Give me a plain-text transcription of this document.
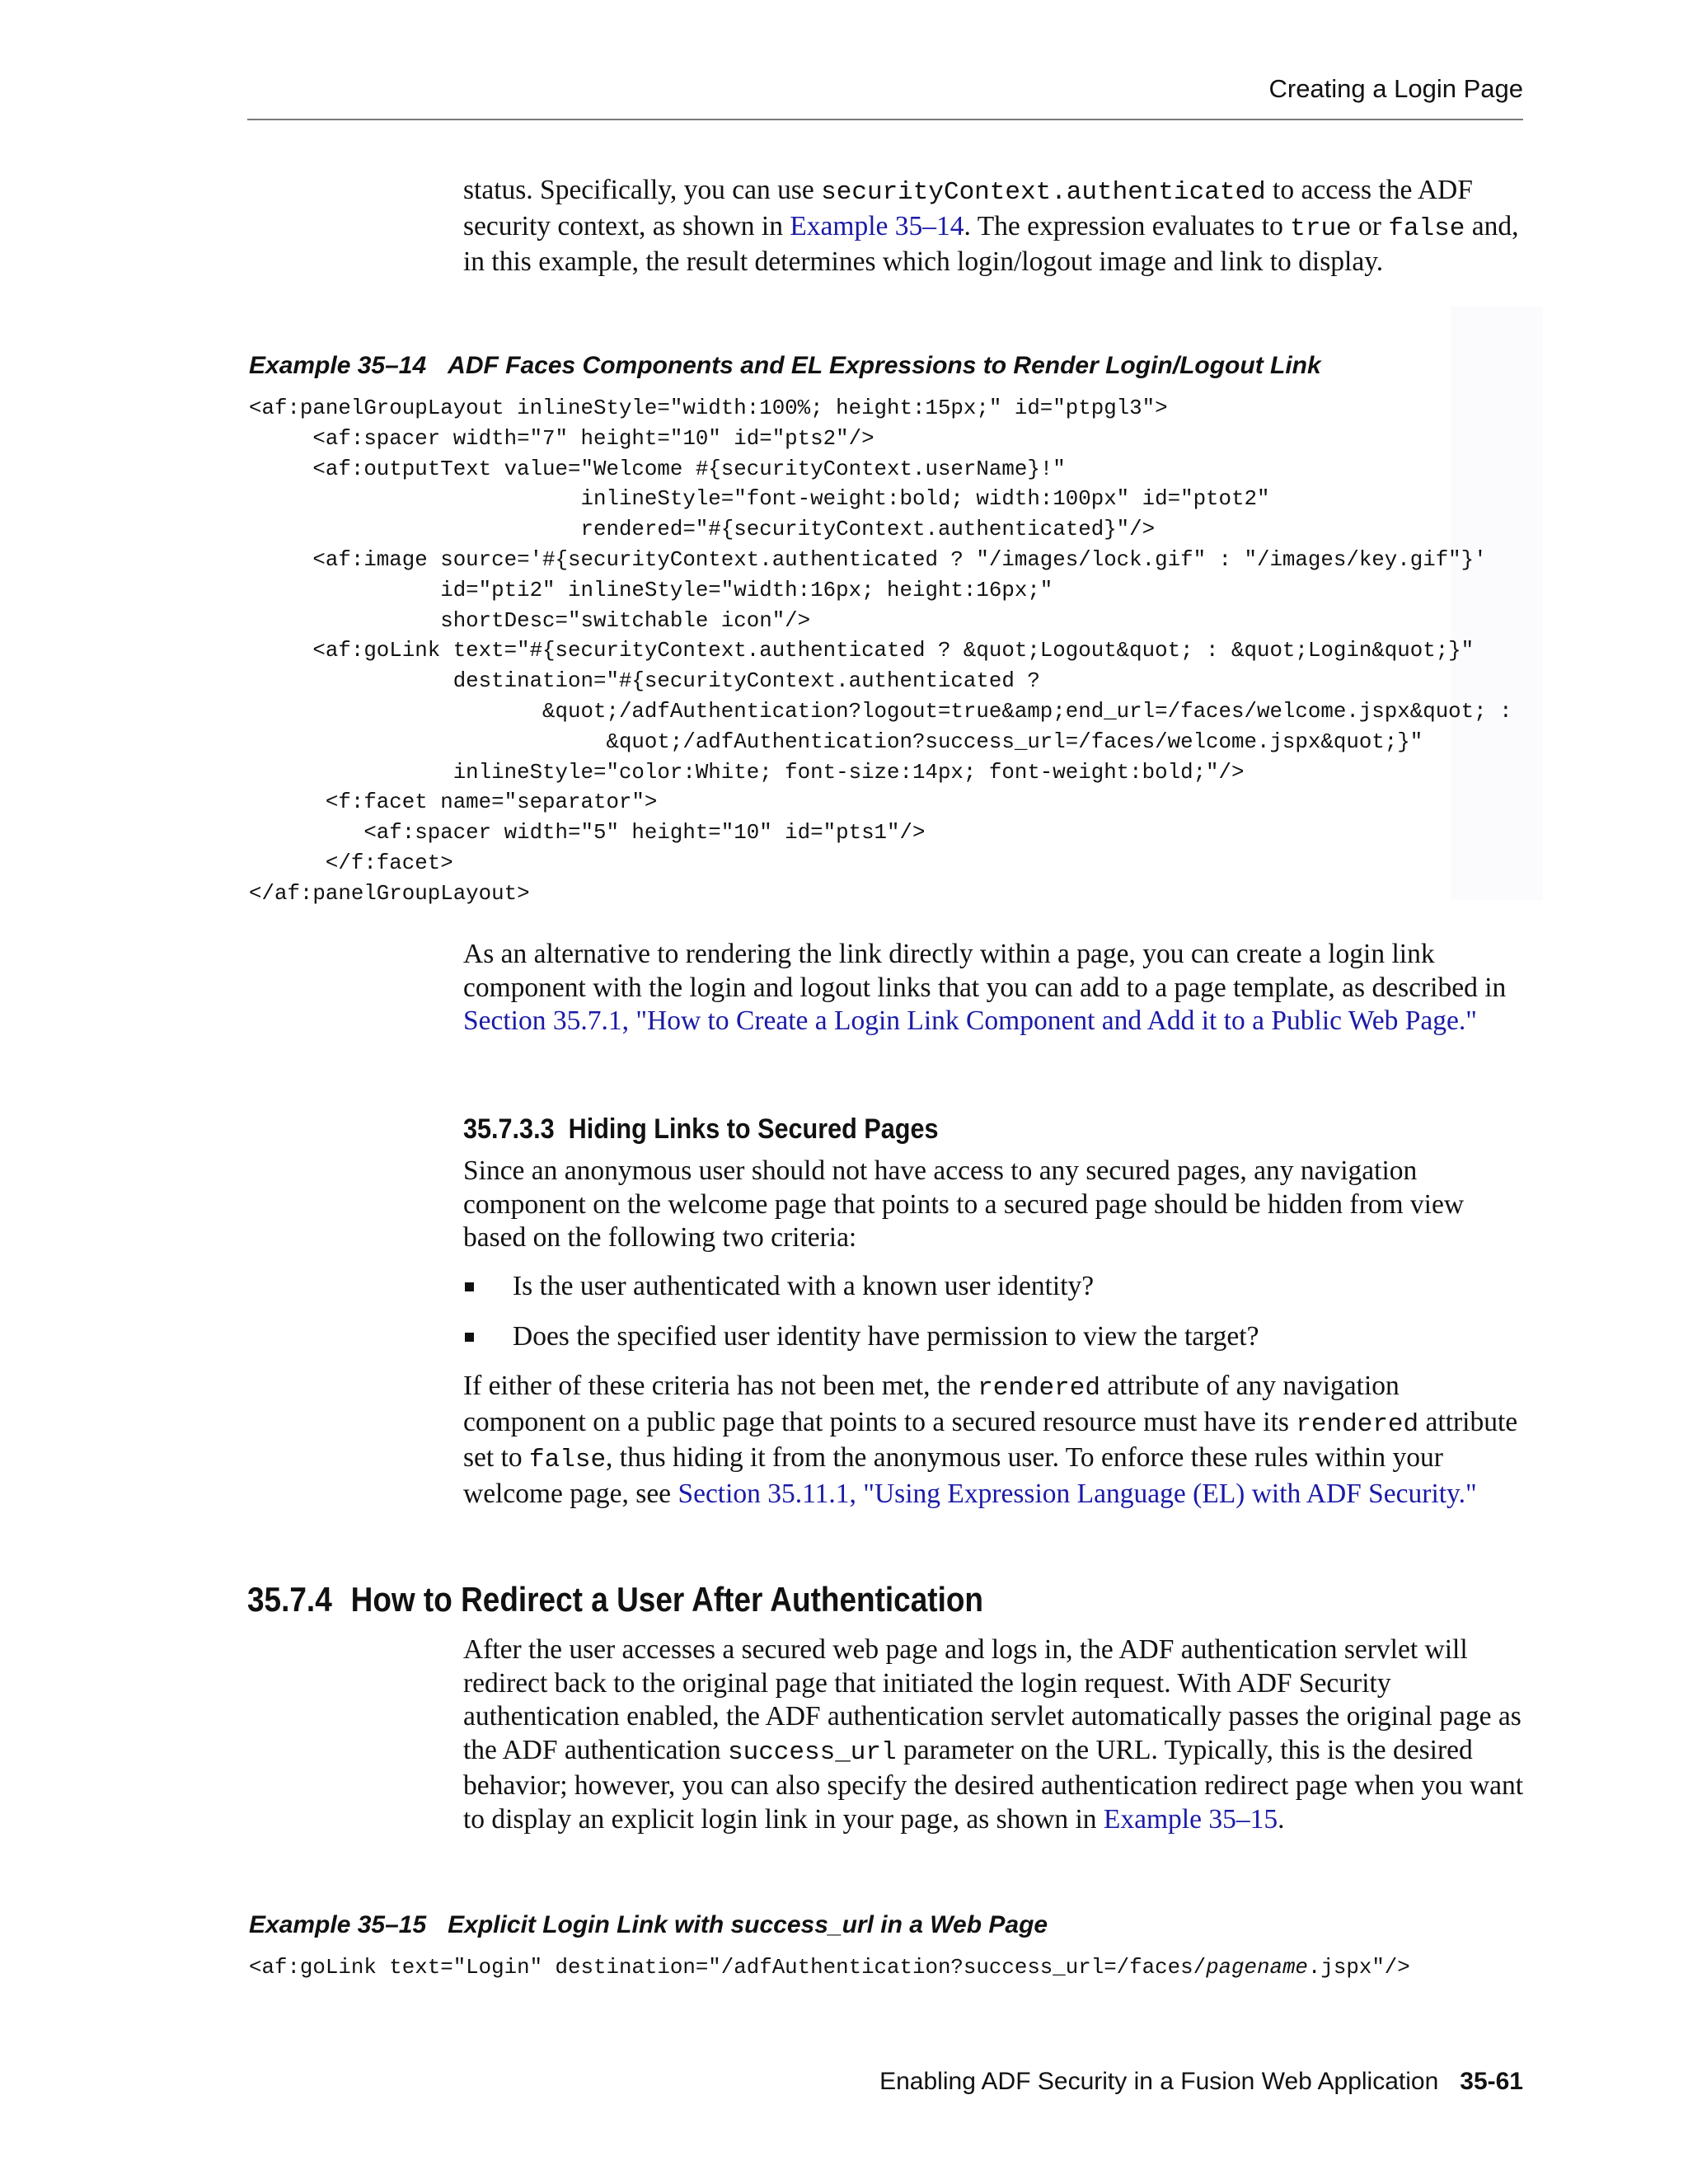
Creating a Login Page

status. Specifically, you can use securityContext.authenticated to access the ADF security context, as shown in Example 35–14. The expression evaluates to true or false and, in this example, the result determines which login/logout image and link to display.

Example 35–14 ADF Faces Components and EL Expressions to Render Login/Logout Link

<af:panelGroupLayout inlineStyle="width:100%; height:15px;" id="ptpgl3">
<af:spacer width="7" height="10" id="pts2"/>
<af:outputText value="Welcome #{securityContext.userName}!"
inlineStyle="font-weight:bold; width:100px" id="ptot2"
rendered="#{securityContext.authenticated}"/>
<af:image source='#{securityContext.authenticated ? "/images/lock.gif" : "/images/key.gif"}'
id="pti2" inlineStyle="width:16px; height:16px;"
shortDesc="switchable icon"/>
<af:goLink text="#{securityContext.authenticated ? &quot;Logout&quot; : &quot;Login&quot;}"
destination="#{securityContext.authenticated ?
&quot;/adfAuthentication?logout=true&amp;end_url=/faces/welcome.jspx&quot; :
&quot;/adfAuthentication?success_url=/faces/welcome.jspx&quot;}"
inlineStyle="color:White; font-size:14px; font-weight:bold;"/>
<f:facet name="separator">
<af:spacer width="5" height="10" id="pts1"/>
</f:facet>
</af:panelGroupLayout>

As an alternative to rendering the link directly within a page, you can create a login link component with the login and logout links that you can add to a page template, as described in Section 35.7.1, "How to Create a Login Link Component and Add it to a Public Web Page."

35.7.3.3 Hiding Links to Secured Pages

Since an anonymous user should not have access to any secured pages, any navigation component on the welcome page that points to a secured page should be hidden from view based on the following two criteria:

Is the user authenticated with a known user identity?
Does the specified user identity have permission to view the target?

If either of these criteria has not been met, the rendered attribute of any navigation component on a public page that points to a secured resource must have its rendered attribute set to false, thus hiding it from the anonymous user. To enforce these rules within your welcome page, see Section 35.11.1, "Using Expression Language (EL) with ADF Security."

35.7.4 How to Redirect a User After Authentication

After the user accesses a secured web page and logs in, the ADF authentication servlet will redirect back to the original page that initiated the login request. With ADF Security authentication enabled, the ADF authentication servlet automatically passes the original page as the ADF authentication success_url parameter on the URL. Typically, this is the desired behavior; however, you can also specify the desired authentication redirect page when you want to display an explicit login link in your page, as shown in Example 35–15.

Example 35–15 Explicit Login Link with success_url in a Web Page

<af:goLink text="Login" destination="/adfAuthentication?success_url=/faces/pagename.jspx"/>
Enabling ADF Security in a Fusion Web Application 35-61
